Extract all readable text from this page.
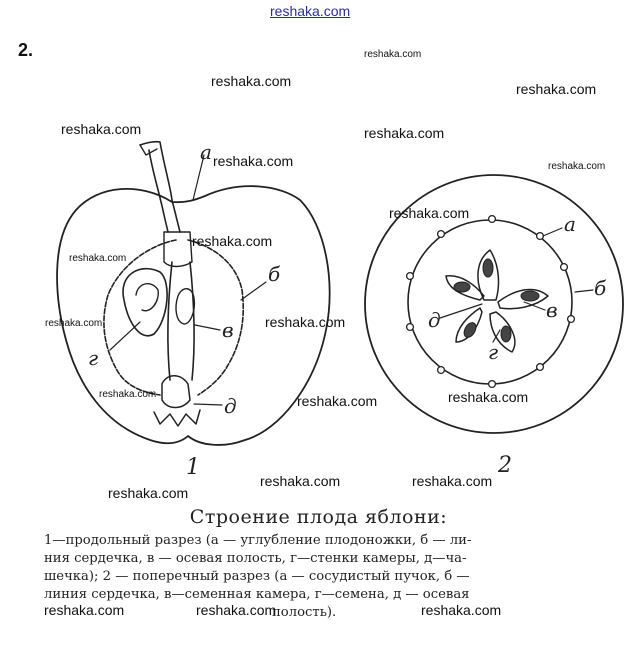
reshaka.com
2.
а
б
в
г
д
1
а
б
в
г
д
2
reshaka.com
reshaka.com	reshaka.com
reshaka.com	reshaka.com
reshaka.com	reshaka.com
reshaka.com
reshaka.com
reshaka.com
reshaka.com
reshaka.com
reshaka.com	reshaka.com
reshaka.com
reshaka.com	reshaka.com
reshaka.com
Строение плода яблони:

1—продольный разрез (а — углубление плодоножки, б — ли-

ния сердечка, в — осевая полость, г—стенки камеры, д—ча-

шечка); 2 — поперечный разрез (а — сосудистый пучок, б —

линия сердечка, в—семенная камера, г—семена, д — осевая

полость).

reshaka.com	reshaka.com	reshaka.com
